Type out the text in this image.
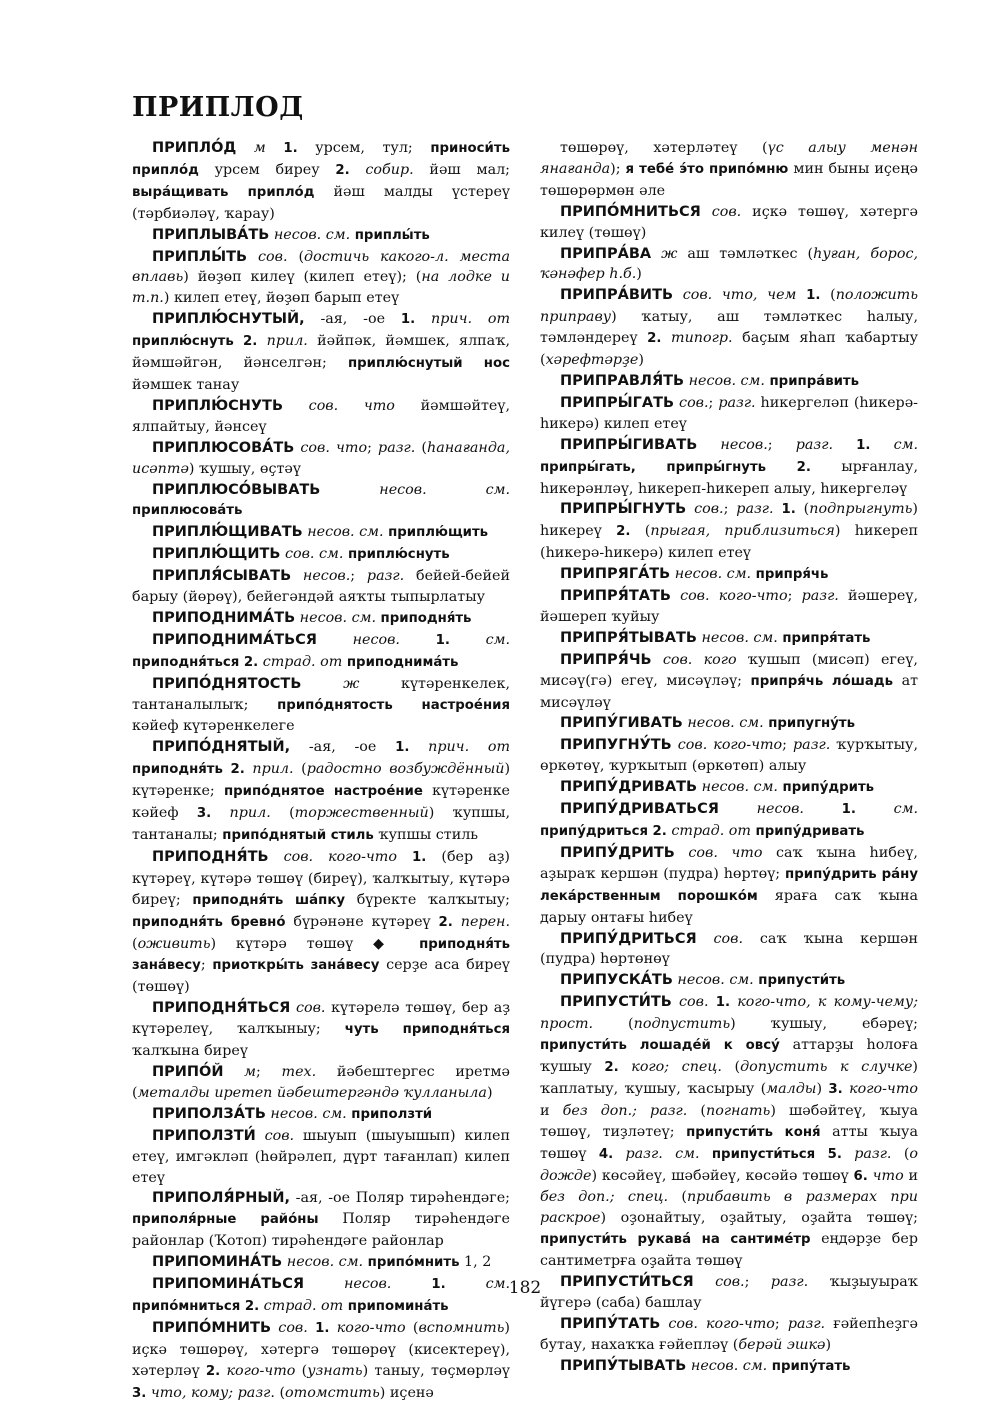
ПРИПЛОД

ПРИПЛО́Д м 1. урсем, тул; приноси́ть припло́д урсем биреу 2. собир. йәш мал; выра́щивать припло́д йәш малды үстерeү (тәрбиәләү, ҡарау)

ПРИПЛЫВА́ТЬ несов. см. приплы́ть

ПРИПЛЫ́ТЬ сов. (достичь какого-л. места вплавь) йөҙөп килеү (килеп етеү); (на лодке и т.п.) килеп етеү, йөҙөп барып етеү

ПРИПЛЮ́СНУТЫЙ, -ая, -ое 1. прич. от приплю́снуть 2. прил. йәйпәк, йәмшек, ялпаҡ, йәмшәйгән, йәнселгән; приплю́снутый нос йәмшек танау

ПРИПЛЮ́СНУТЬ сов. что йәмшәйтеү, ялпайтыу, йәнсеү

ПРИПЛЮСОВА́ТЬ сов. что; разг. (һанағанда, исәптә) ҡушыу, өҫтәү

ПРИПЛЮСО́ВЫВАТЬ несов. см. приплюсова́ть

ПРИПЛЮ́ЩИВАТЬ несов. см. приплю́щить

ПРИПЛЮ́ЩИТЬ сов. см. приплю́снуть

ПРИПЛЯ́СЫВАТЬ несов.; разг. бейей-бейей барыу (йөрөү), бейегәндәй аяҡты тыпырлатыу

ПРИПОДНИМА́ТЬ несов. см. приподня́ть

ПРИПОДНИМА́ТЬСЯ несов.	1. см. приподня́ться 2. страд. от приподнима́ть

ПРИПО́ДНЯТОСТЬ ж күтәренкелек, тантаналылыҡ; припо́днятость настрое́ния кәйеф күтәренкелеге

ПРИПО́ДНЯТЫЙ, -ая, -ое 1. прич. от приподня́ть 2. прил. (радостно возбуждённый) күтәренке; припо́днятое настрое́ние күтәренке кәйеф 3. прил. (торжественный) ҡупшы, тантаналы; припо́днятый стиль ҡупшы стиль

ПРИПОДНЯ́ТЬ сов. кого-что 1. (бер аҙ) күтәреү, күтәрә төшөү (биреү), ҡалҡытыу, күтәрә биреү; приподня́ть ша́пку бүректе ҡалҡытыу; приподня́ть бревно́ бүрәнәне күтәреү 2. перен. (оживить) күтәрә төшөү ◆ приподня́ть зана́весу; приоткры́ть зана́весу серҙе аса биреү (төшөү)

ПРИПОДНЯ́ТЬСЯ сов. күтәрелә төшөү, бер аҙ күтәрелеү, ҡалҡыныу; чуть приподня́ться ҡалҡына биреү

ПРИПО́Й м; тех. йәбештергес иретмә (металды иретеп йәбештергәндә ҡулланыла)

ПРИПОЛЗА́ТЬ несов. см. приползти́

ПРИПОЛЗТИ́ сов. шыуып (шыуышып) килеп етеү, имгәкләп (һөйрәлеп, дүрт тағанлап) килеп етеү

ПРИПОЛЯ́РНЫЙ, -ая, -ое Поляр тирәһендәге; приполя́рные райо́ны Поляр тирәһендәге районлар (Ҡотоп) тирәһендәге районлар

ПРИПОМИНА́ТЬ несов. см. припо́мнить 1, 2

ПРИПОМИНА́ТЬСЯ несов.	1. см. припо́мниться 2. страд. от припомина́ть

ПРИПО́МНИТЬ сов. 1. кого-что (вспомнить) иҫкә төшөрөү, хәтергә төшөрөү (кисектереү), хәтерләү 2. кого-что (узнать) таныу, төҫмөрләү 3. что, кому; разг. (отомстить) иҫенә

төшөрөү, хәтерләтеү (үс алыу менән янағанда); я тебе́ э́то припо́мню мин быны иҫеңә төшөрөрмөн әле

ПРИПО́МНИТЬСЯ сов. иҫкә төшөү, хәтергә килеү (төшөү)

ПРИПРА́ВА ж аш тәмләткес (һуған, борос, ҡәнәфер һ.б.)

ПРИПРА́ВИТЬ сов. что, чем 1. (положить приправу) ҡатыу, аш тәмләткес һалыу, тәмләндереү 2. типогр. баҫым яһап ҡабартыу (хәрефтәрҙе)

ПРИПРАВЛЯ́ТЬ несов. см. припра́вить

ПРИПРЫ́ГАТЬ сов.; разг. һикергеләп (һикерә-һикерә) килеп етеү

ПРИПРЫ́ГИВАТЬ несов.; разг. 1. см. припры́гать, припры́гнуть 2. ырғанлау, һикерәнләү, һикереп-һикереп алыу, һикергеләү

ПРИПРЫ́ГНУТЬ сов.; разг. 1. (подпрыгнуть) һикереү 2. (прыгая, приблизиться) һикереп (һикерә-һикерә) килеп етеү

ПРИПРЯГА́ТЬ несов. см. припря́чь

ПРИПРЯ́ТАТЬ сов. кого-что; разг. йәшереү, йәшереп ҡуйыу

ПРИПРЯ́ТЫВАТЬ несов. см. припря́тать

ПРИПРЯ́ЧЬ сов. кого ҡушып (мисәп) егеү, мисәү(гә) егеү, мисәүләү; припря́чь ло́шадь ат мисәүләү

ПРИПУ́ГИВАТЬ несов. см. припугну́ть

ПРИПУГНУ́ТЬ сов. кого-что; разг. ҡурҡытыу, өркөтөү, ҡурҡытып (өркөтөп) алыу

ПРИПУ́ДРИВАТЬ несов. см. припу́дрить

ПРИПУ́ДРИВАТЬСЯ несов.	1. см. припу́дриться 2. страд. от припу́дривать

ПРИПУ́ДРИТЬ сов. что саҡ ҡына һибеү, аҙыраҡ кершән (пудра) һөртөү; припу́дрить ра́ну лека́рственным порошко́м ярағa саҡ ҡына дарыу онтағы һибеү

ПРИПУ́ДРИТЬСЯ сов. саҡ ҡына кершән (пудра) һөртөнөү

ПРИПУСКА́ТЬ несов. см. припусти́ть

ПРИПУСТИ́ТЬ сов. 1. кого-что, к кому-чему; прост. (подпустить) ҡушыу, ебәреү; припусти́ть лошаде́й к овсу́ аттарҙы һолоға ҡушыу 2. кого; спец. (допустить к случке) ҡаплатыу, ҡушыу, ҡасырыу (малды) 3. кого-что и без доп.; разг. (погнать) шәбәйтеү, ҡыуа төшөү, тиҙләтеү; припусти́ть коня́ атты ҡыуа төшөү 4. разг. см. припусти́ться 5. разг. (о дожде) көсәйеү, шәбәйеү, көсәйә төшөү 6. что и без доп.; спец. (прибавить в размерах при раскрое) оҙонайтыу, оҙайтыу, оҙайта төшөү; припусти́ть рукава́ на сантиме́тр еңдәрҙе бер сантиметрға оҙайта төшөү

ПРИПУСТИ́ТЬСЯ сов.; разг. ҡыҙыуыраҡ йүгерә (саба) башлау

ПРИПУ́ТАТЬ сов. кого-что; разг. ғәйепһеҙгә бутау, нахаҡҡа ғәйепләү (берәй эшкә)

ПРИПУ́ТЫВАТЬ несов. см. припу́тать

182
